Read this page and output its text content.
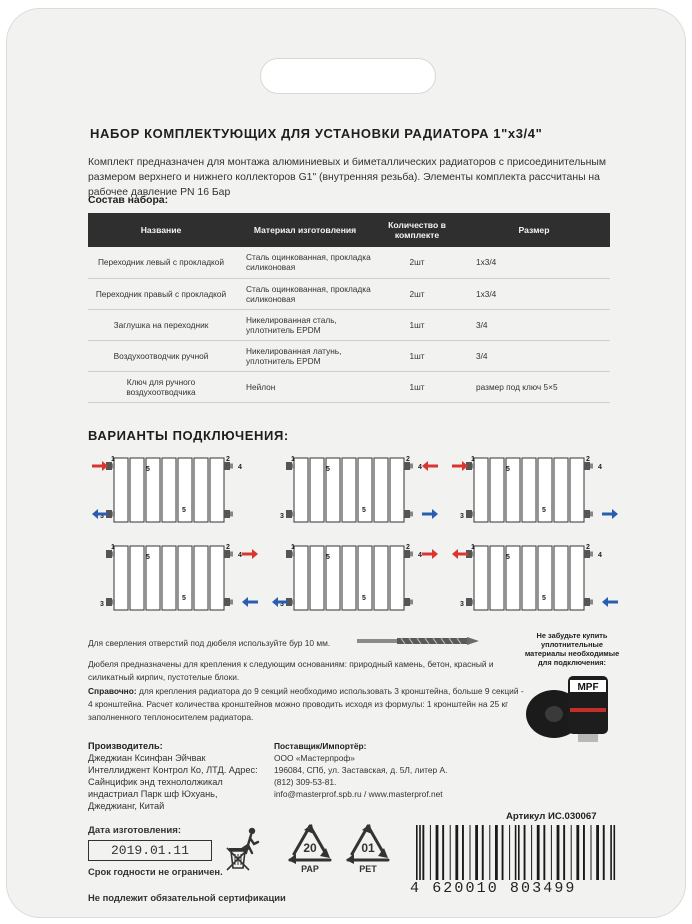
НАБОР КОМПЛЕКТУЮЩИХ ДЛЯ УСТАНОВКИ РАДИАТОРА 1"х3/4"
Комплект предназначен для монтажа алюминиевых и биметаллических радиаторов с присоединительным размером верхнего и нижнего коллекторов G1" (внутренняя резьба). Элементы комплекта рассчитаны на рабочее давление PN 16 Бар
Состав набора:
Название	Материал изготовления	Количество в комплекте	Размер
Переходник левый с прокладкой	Сталь оцинкованная, прокладка силиконовая	2шт	1х3/4
Переходник правый с прокладкой	Сталь оцинкованная, прокладка силиконовая	2шт	1х3/4
Заглушка на переходник	Никелированная сталь, уплотнитель EPDM	1шт	3/4
Воздухоотводчик ручной	Никелированная латунь, уплотнитель EPDM	1шт	3/4
Ключ для ручного воздухоотводчика	Нейлон	1шт	размер под ключ 5×5
ВАРИАНТЫ ПОДКЛЮЧЕНИЯ:
1
3
2
4
5
5
1
3
2
4
5
5
1
3
2
4
5
5
1
3
2
4
5
5
1
3
2
4
5
5
1
3
2
4
5
5
Для сверления отверстий под дюбеля используйте бур 10 мм.
Дюбеля предназначены для крепления к следующим основаниям: природный камень, бетон, красный и силикатный кирпич, пустотелые блоки.
Справочно: для крепления радиатора до 9 секций необходимо использовать 3 кронштейна, больше 9 секций - 4 кронштейна. Расчет количества кронштейнов можно проводить исходя из формулы: 1 кронштейн на 25 кг заполненного теплоносителем радиатора.
Не забудьте купить уплотнительные материалы необходимые для подключения:
MPF
Производитель:
Джеджиан Ксинфан Эйчвак Интеллиджент Контрол Ко, ЛТД. Адрес: Сайнцифик энд технололжикал индастриал Парк шф Юхуань, Джеджианг, Китай
Поставщик/Импортёр:
ООО «Мастерпроф»
196084, СПб, ул. Заставская, д. 5Л, литер А.
(812) 309-53-81.
info@masterprof.spb.ru / www.masterprof.net
Артикул ИС.030067
Дата изготовления:
2019.01.11
Срок годности не ограничен.
Не подлежит обязательной сертификации
20
PAP
01
PET
4 620010 803499
